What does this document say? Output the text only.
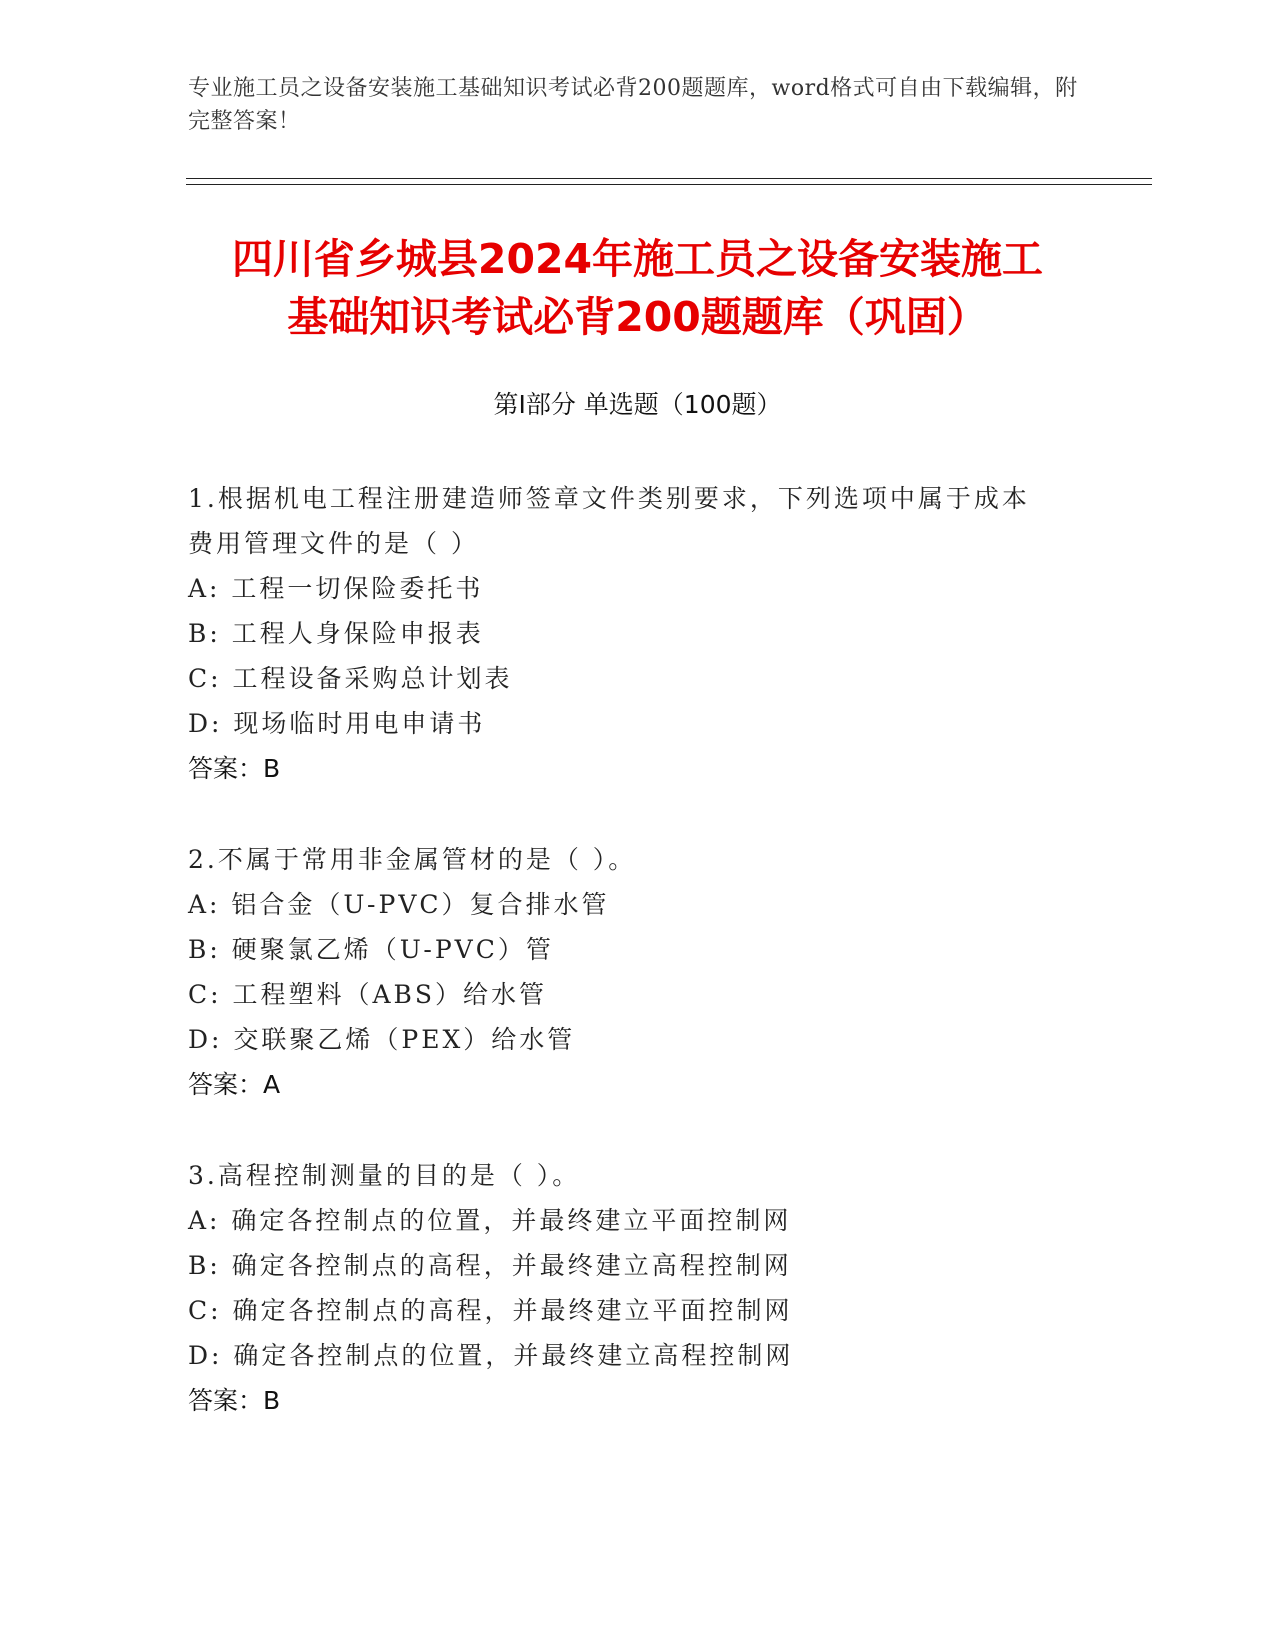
专业施工员之设备安装施工基础知识考试必背200题题库，word格式可自由下载编辑，附完整答案！
四川省乡城县2024年施工员之设备安装施工
基础知识考试必背200题题库（巩固）
第Ⅰ部分 单选题（100题）
1.根据机电工程注册建造师签章文件类别要求，下列选项中属于成本
费用管理文件的是（ ）
A: 工程一切保险委托书
B: 工程人身保险申报表
C: 工程设备采购总计划表
D: 现场临时用电申请书
答案：B
2.不属于常用非金属管材的是（ ）。
A: 铝合金（U-PVC）复合排水管
B: 硬聚氯乙烯（U-PVC）管
C: 工程塑料（ABS）给水管
D: 交联聚乙烯（PEX）给水管
答案：A
3.高程控制测量的目的是（ ）。
A: 确定各控制点的位置，并最终建立平面控制网
B: 确定各控制点的高程，并最终建立高程控制网
C: 确定各控制点的高程，并最终建立平面控制网
D: 确定各控制点的位置，并最终建立高程控制网
答案：B
